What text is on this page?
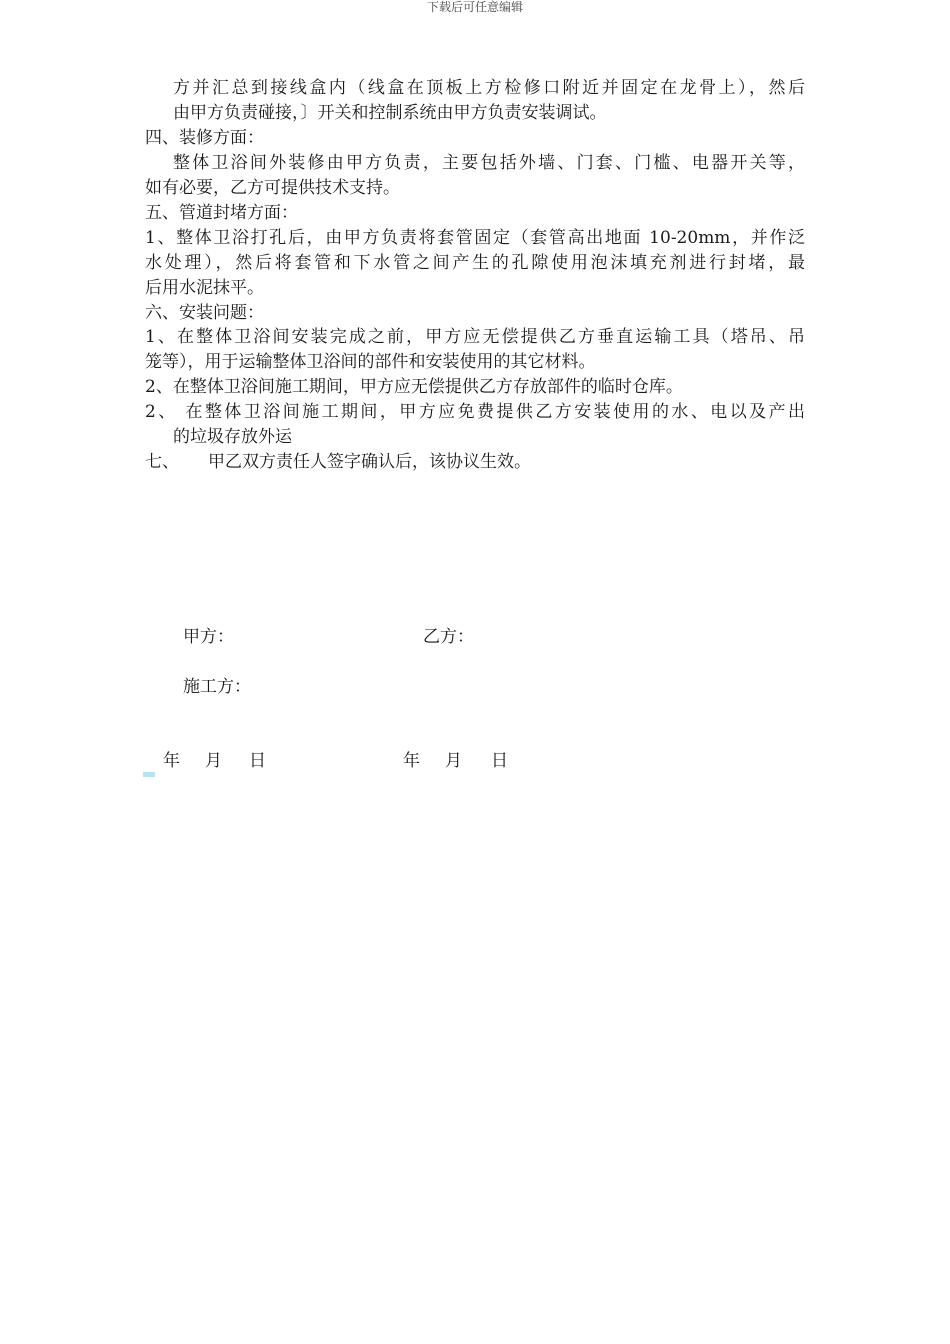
下载后可任意编辑
方并汇总到接线盒内（线盒在顶板上方检修口附近并固定在龙骨上），然后
由甲方负责碰接，〕开关和控制系统由甲方负责安装调试。
四、装修方面：
整体卫浴间外装修由甲方负责，主要包括外墙、门套、门槛、电器开关等，
如有必要，乙方可提供技术支持。
五、管道封堵方面：
1、整体卫浴打孔后，由甲方负责将套管固定（套管高出地面 10-20mm，并作泛
水处理），然后将套管和下水管之间产生的孔隙使用泡沫填充剂进行封堵，最
后用水泥抹平。
六、安装问题：
1、在整体卫浴间安装完成之前，甲方应无偿提供乙方垂直运输工具（塔吊、吊
笼等），用于运输整体卫浴间的部件和安装使用的其它材料。
2、在整体卫浴间施工期间，甲方应无偿提供乙方存放部件的临时仓库。
2、 在整体卫浴间施工期间，甲方应免费提供乙方安装使用的水、电以及产出
的垃圾存放外运
七、 甲乙双方责任人签字确认后，该协议生效。
甲方：	乙方：
施工方：
年 月 日	年 月 日
